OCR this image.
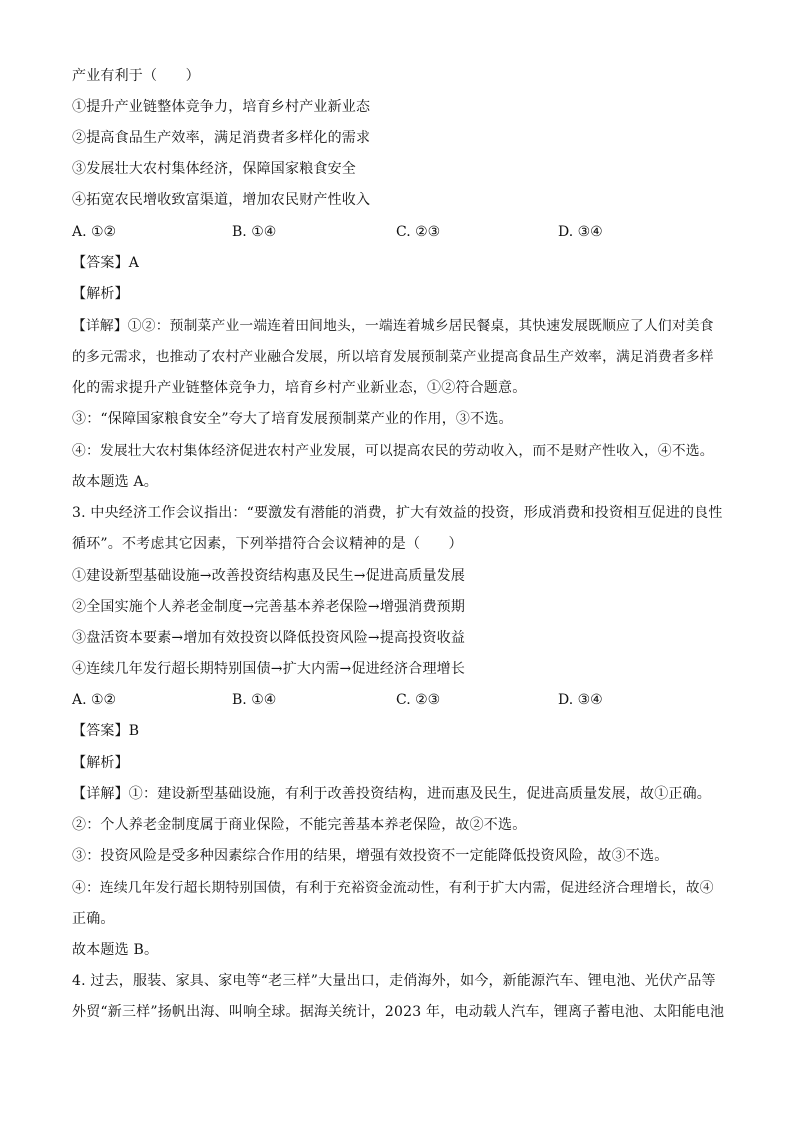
产业有利于（　　）
①提升产业链整体竞争力，培育乡村产业新业态
②提高食品生产效率，满足消费者多样化的需求
③发展壮大农村集体经济，保障国家粮食安全
④拓宽农民增收致富渠道，增加农民财产性收入
A. ①②	B. ①④	C. ②③	D. ③④
【答案】A
【解析】
【详解】①②：预制菜产业一端连着田间地头，一端连着城乡居民餐桌，其快速发展既顺应了人们对美食
的多元需求，也推动了农村产业融合发展，所以培育发展预制菜产业提高食品生产效率，满足消费者多样
化的需求提升产业链整体竞争力，培育乡村产业新业态，①②符合题意。
③：“保障国家粮食安全”夸大了培育发展预制菜产业的作用，③不选。
④：发展壮大农村集体经济促进农村产业发展，可以提高农民的劳动收入，而不是财产性收入，④不选。
故本题选 A。
3. 中央经济工作会议指出：“要激发有潜能的消费，扩大有效益的投资，形成消费和投资相互促进的良性
循环”。不考虑其它因素，下列举措符合会议精神的是（　　）
①建设新型基础设施→改善投资结构惠及民生→促进高质量发展
②全国实施个人养老金制度→完善基本养老保险→增强消费预期
③盘活资本要素→增加有效投资以降低投资风险→提高投资收益
④连续几年发行超长期特别国债→扩大内需→促进经济合理增长
A. ①②	B. ①④	C. ②③	D. ③④
【答案】B
【解析】
【详解】①：建设新型基础设施，有利于改善投资结构，进而惠及民生，促进高质量发展，故①正确。
②：个人养老金制度属于商业保险，不能完善基本养老保险，故②不选。
③：投资风险是受多种因素综合作用的结果，增强有效投资不一定能降低投资风险，故③不选。
④：连续几年发行超长期特别国债，有利于充裕资金流动性，有利于扩大内需，促进经济合理增长，故④
正确。
故本题选 B。
4. 过去，服装、家具、家电等“老三样”大量出口，走俏海外，如今，新能源汽车、锂电池、光伏产品等
外贸“新三样”扬帆出海、叫响全球。据海关统计，2023 年，电动载人汽车，锂离子蓄电池、太阳能电池
